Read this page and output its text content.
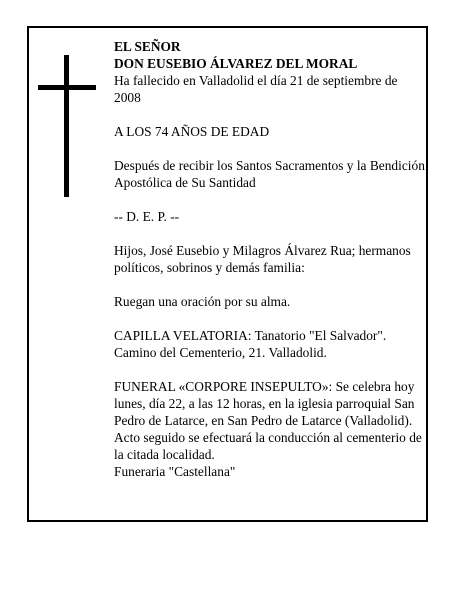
EL SEÑOR

DON EUSEBIO ÁLVAREZ DEL MORAL

Ha fallecido en Valladolid el día 21 de septiembre de 2008

A LOS 74 AÑOS DE EDAD

Después de recibir los Santos Sacramentos y la Bendición Apostólica de Su Santidad

-- D. E. P. --

Hijos, José Eusebio y Milagros Álvarez Rua; hermanos políticos, sobrinos y demás familia:

Ruegan una oración por su alma.

CAPILLA VELATORIA: Tanatorio "El Salvador". Camino del Cementerio, 21. Valladolid.

FUNERAL «CORPORE INSEPULTO»: Se celebra hoy lunes, día 22, a las 12 horas, en la iglesia parroquial San Pedro de Latarce, en San Pedro de Latarce (Valladolid). Acto seguido se efectuará la conducción al cementerio de la citada localidad.

Funeraria "Castellana"
